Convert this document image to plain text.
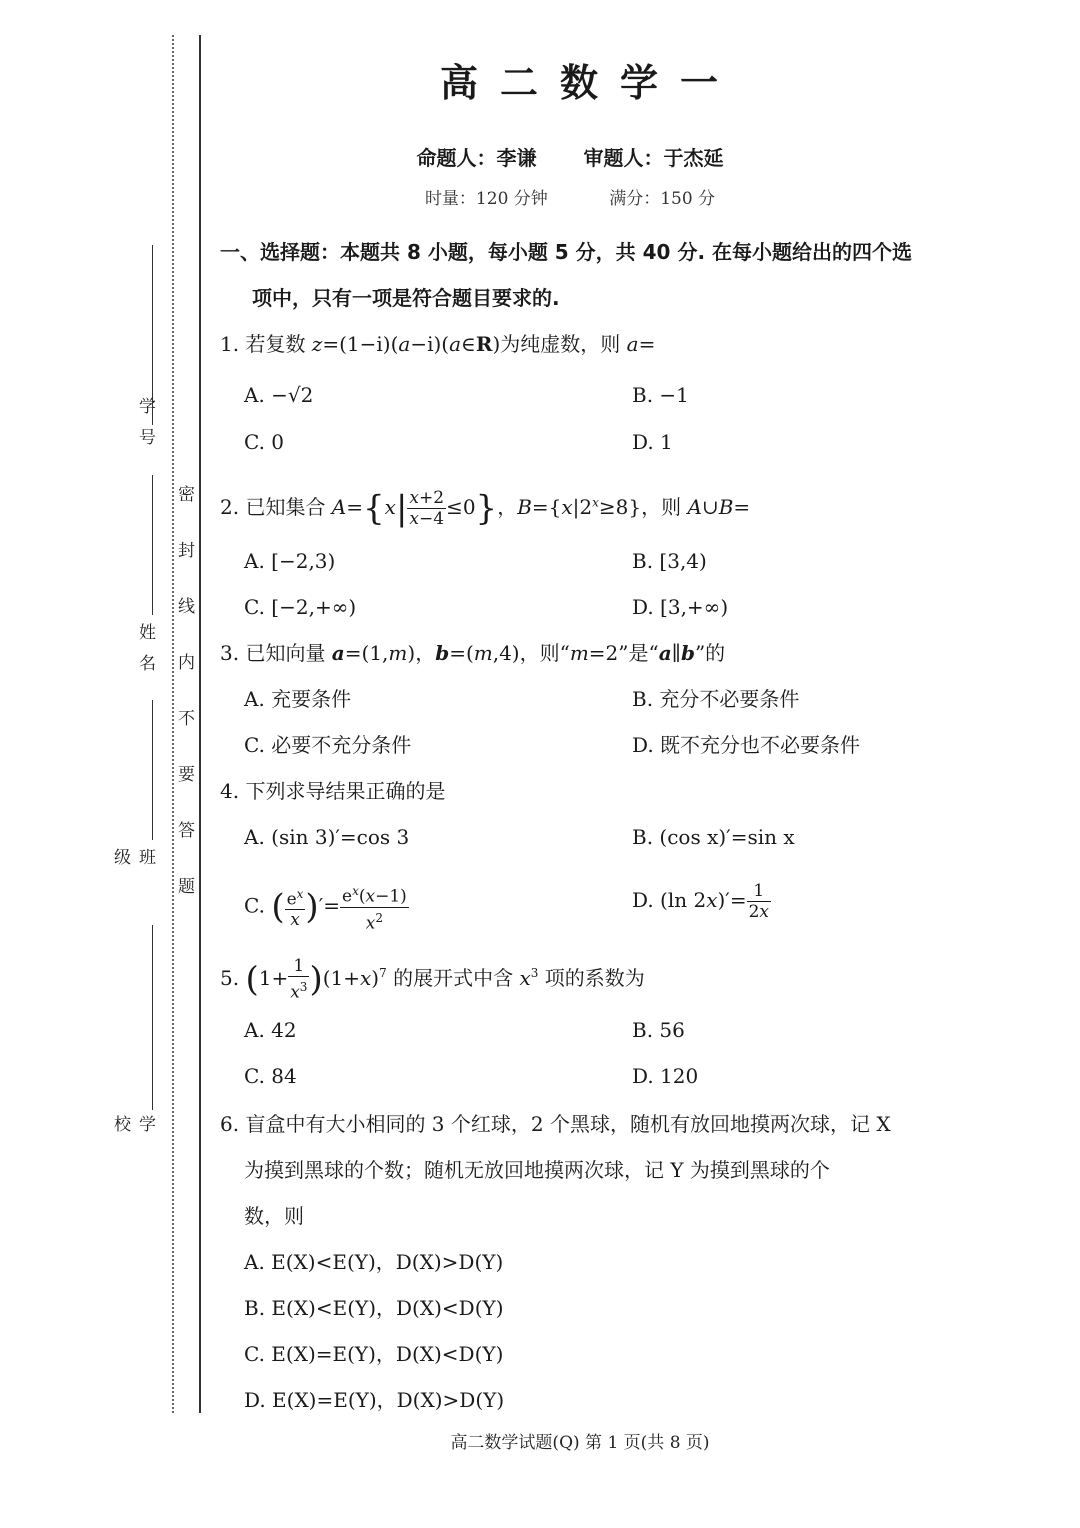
密封线内不要答题
学号
姓名
班级
学校
高二数学一
命题人：李谦 审题人：于杰延
时量：120 分钟	满分：150 分
一、选择题：本题共 8 小题，每小题 5 分，共 40 分. 在每小题给出的四个选
项中，只有一项是符合题目要求的.
1. 若复数 z=(1−i)(a−i)(a∈R)为纯虚数，则 a=
A. −√2	B. −1
C. 0	D. 1
2. 已知集合 $A=\{x| \frac{x+2}{x-4} \le 0\}$，$B=\{x|2^x\ge 8\}$，则 A∪B=
A. [−2,3)	B. [3,4)
C. [−2,+∞)	D. [3,+∞)
3. 已知向量 a=(1,m)，b=(m,4)，则“m=2”是“a∥b”的
A. 充要条件	B. 充分不必要条件
C. 必要不充分条件	D. 既不充分也不必要条件
4. 下列求导结果正确的是
A. (sin 3)′=cos 3	B. (cos x)′=sin x
C. ( $\frac{e^x}{x}$ )′= $\frac{e^x(x-1)}{x^2}$	D. (ln $2x)'= \frac{1}{2x}$
5. $(1+ \frac{1}{x^3} )(1+x)^7$ 的展开式中含 $x^3$ 项的系数为
A. 42	B. 56
C. 84	D. 120
6. 盲盒中有大小相同的 3 个红球，2 个黑球，随机有放回地摸两次球，记 X
为摸到黑球的个数；随机无放回地摸两次球，记 Y 为摸到黑球的个
数，则
A. E(X)<E(Y)，D(X)>D(Y)
B. E(X)<E(Y)，D(X)<D(Y)
C. E(X)=E(Y)，D(X)<D(Y)
D. E(X)=E(Y)，D(X)>D(Y)
高二数学试题(Q) 第 1 页(共 8 页)
